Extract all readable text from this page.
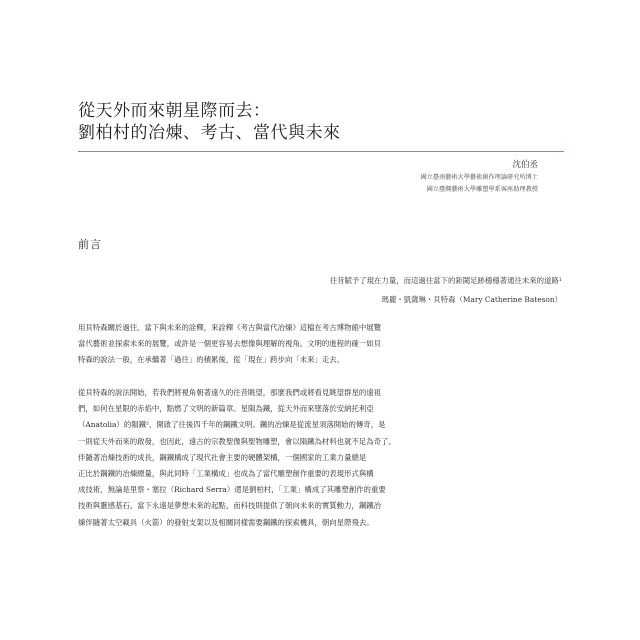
從天外而來朝星際而去：
劉柏村的冶煉、考古、當代與未來
沈伯丞
國立臺南藝術大學藝術創作理論研究所博士
國立臺灣藝術大學雕塑學系客座助理教授
前言
往昔賦予了現在力量，而這過往當下的鉅閾足跡穩穩著通往未來的道路$^1$
瑪麗・凱薩琳・貝特森（Mary Catherine Bateson）
用貝特森關於過往、當下與未來的詮釋，來詮釋《考古與當代冶煉》這檔在考古博物館中展覽
當代藝術並探索未來的展覽，或許是一個更容易去想像與理解的視角。文明的進程的確一如貝
特森的說法一般，在承繼著「過往」的積累後，從「現在」跨步向「未來」走去。
從貝特森的說法開始，若我們將視角朝著遠久的往昔眺望，那麼我們或將看見眺望群星的遠祖
們，如何在星限的赤焰中，點燃了文明的新篇章。星隕為鐵，從天外而來墜落於安納托利亞
（Anatolia）的隕鐵²，開啟了往後四千年的鋼鐵文明。鐵的冶煉是從流星須落開始的傳奇，是
一則從天外而來的啟發，也因此，遠古的宗教聖像與聖物雕塑，會以隕鐵為材料也就不足為奇了。
伴隨著冶煉技術的成長，鋼鐵構成了現代社會主要的硬體架構，一個國家的工業力量總是
正比於鋼鐵的冶煉總量，與此同時「工業構成」也成為了當代雕塑創作重要的表現形式與構
成技術，無論是里察・塞拉（Richard Serra）還是劉柏村，「工業」構成了其雕塑創作的重要
技術與靈感基石。當下永遠是夢想未來的起點，而科技則提供了朝向未來的實質動力，鋼鐵冶
煉伴隨著太空載具（火箭）的發射支架以及相關同樣需要鋼鐵的探索機具，朝向星際飛去。
